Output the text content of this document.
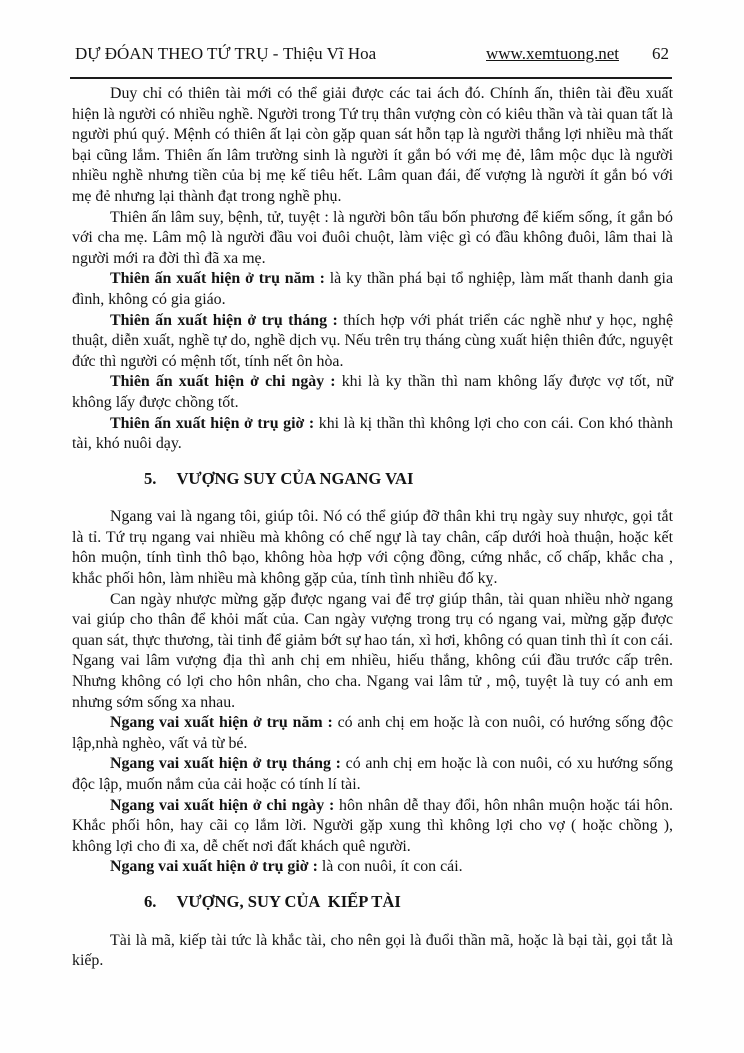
DỰ ĐÓAN THEO TỨ TRỤ - Thiệu Vĩ Hoa	www.xemtuong.net 62

Duy chỉ có thiên tài mới có thể giải được các tai ách đó. Chính ấn, thiên tài đều xuất hiện là người có nhiều nghề. Người trong Tứ trụ thân vượng còn có kiêu thần và tài quan tất là người phú quý. Mệnh có thiên ất lại còn gặp quan sát hỗn tạp là người thắng lợi nhiều mà thất bại cũng lắm. Thiên ấn lâm trường sinh là người ít gắn bó với mẹ đẻ, lâm mộc dục là người nhiều nghề nhưng tiền của bị mẹ kế tiêu hết. Lâm quan đái, đế vượng là người ít gắn bó với mẹ đẻ nhưng lại thành đạt trong nghề phụ.

Thiên ấn lâm suy, bệnh, tử, tuyệt : là người bôn tẩu bốn phương để kiếm sống, ít gắn bó với cha mẹ. Lâm mộ là người đầu voi đuôi chuột, làm việc gì có đầu không đuôi, lâm thai là người mới ra đời thì đã xa mẹ.

Thiên ấn xuất hiện ở trụ năm : là ky thần phá bại tổ nghiệp, làm mất thanh danh gia đình, không có gia giáo.

Thiên ấn xuất hiện ở trụ tháng : thích hợp với phát triển các nghề như y học, nghệ thuật, diễn xuất, nghề tự do, nghề dịch vụ. Nếu trên trụ tháng cùng xuất hiện thiên đức, nguyệt đức thì người có mệnh tốt, tính nết ôn hòa.

Thiên ấn xuất hiện ở chi ngày : khi là ky thần thì nam không lấy được vợ tốt, nữ không lấy được chồng tốt.

Thiên ấn xuất hiện ở trụ giờ : khi là kị thần thì không lợi cho con cái. Con khó thành tài, khó nuôi dạy.

5. VƯỢNG SUY CỦA NGANG VAI

Ngang vai là ngang tôi, giúp tôi. Nó có thể giúp đỡ thân khi trụ ngày suy nhược, gọi tắt là tỉ. Tứ trụ ngang vai nhiều mà không có chế ngự là tay chân, cấp dưới hoà thuận, hoặc kết hôn muộn, tính tình thô bạo, không hòa hợp với cộng đồng, cứng nhắc, cố chấp, khắc cha , khắc phối hôn, làm nhiều mà không gặp của, tính tình nhiều đố kỵ.

Can ngày nhược mừng gặp được ngang vai để trợ giúp thân, tài quan nhiều nhờ ngang vai giúp cho thân để khỏi mất của. Can ngày vượng trong trụ có ngang vai, mừng gặp được quan sát, thực thương, tài tinh để giảm bớt sự hao tán, xì hơi, không có quan tinh thì ít con cái. Ngang vai lâm vượng địa thì anh chị em nhiều, hiếu thắng, không cúi đầu trước cấp trên. Nhưng không có lợi cho hôn nhân, cho cha. Ngang vai lâm tử , mộ, tuyệt là tuy có anh em nhưng sớm sống xa nhau.

Ngang vai xuất hiện ở trụ năm : có anh chị em hoặc là con nuôi, có hướng sống độc lập,nhà nghèo, vất vả từ bé.

Ngang vai xuất hiện ở trụ tháng : có anh chị em hoặc là con nuôi, có xu hướng sống độc lập, muốn nắm của cải hoặc có tính lí tài.

Ngang vai xuất hiện ở chi ngày : hôn nhân dễ thay đổi, hôn nhân muộn hoặc tái hôn. Khắc phối hôn, hay cãi cọ lắm lời. Người gặp xung thì không lợi cho vợ ( hoặc chồng ), không lợi cho đi xa, dễ chết nơi đất khách quê người.

Ngang vai xuất hiện ở trụ giờ : là con nuôi, ít con cái.

6. VƯỢNG, SUY CỦA  KIẾP TÀI

Tài là mã, kiếp tài tức là khắc tài, cho nên gọi là đuổi thần mã, hoặc là bại tài, gọi tắt là kiếp.
